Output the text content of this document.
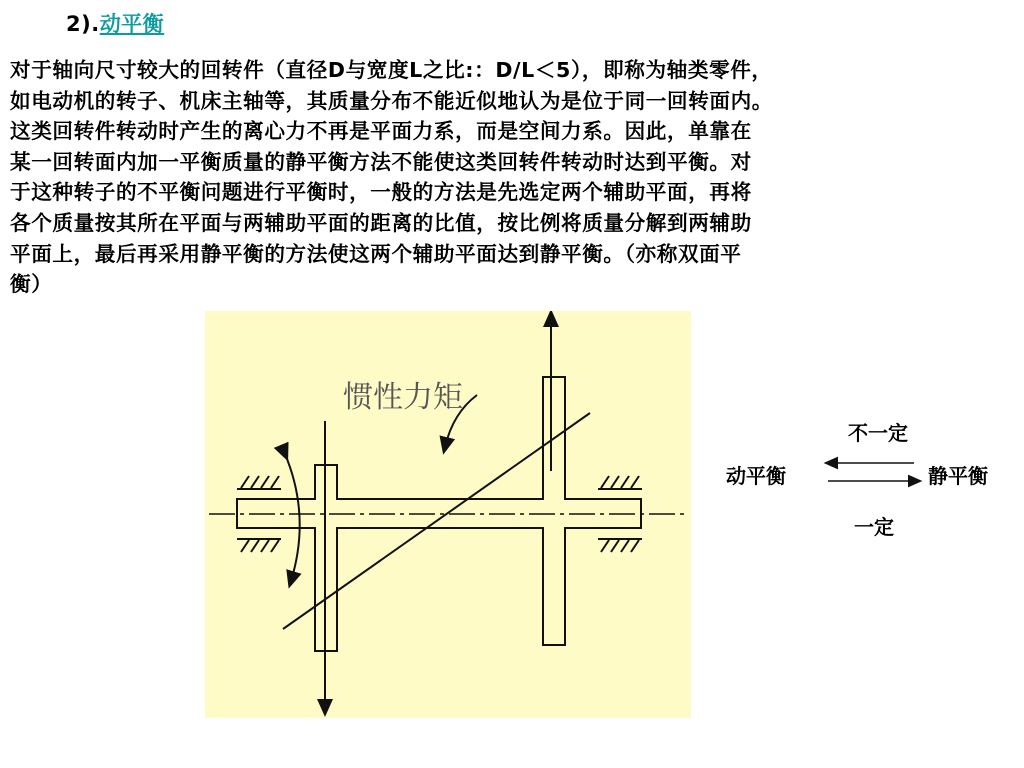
2).动平衡
对于轴向尺寸较大的回转件（直径D与宽度L之比:：D/L＜5），即称为轴类零件，
如电动机的转子、机床主轴等，其质量分布不能近似地认为是位于同一回转面内。
这类回转件转动时产生的离心力不再是平面力系，而是空间力系。因此，单靠在
某一回转面内加一平衡质量的静平衡方法不能使这类回转件转动时达到平衡。对
于这种转子的不平衡问题进行平衡时，一般的方法是先选定两个辅助平面，再将
各个质量按其所在平面与两辅助平面的距离的比值，按比例将质量分解到两辅助
平面上，最后再采用静平衡的方法使这两个辅助平面达到静平衡。（亦称双面平
衡）
惯性力矩
不一定
动平衡	静平衡
一定
